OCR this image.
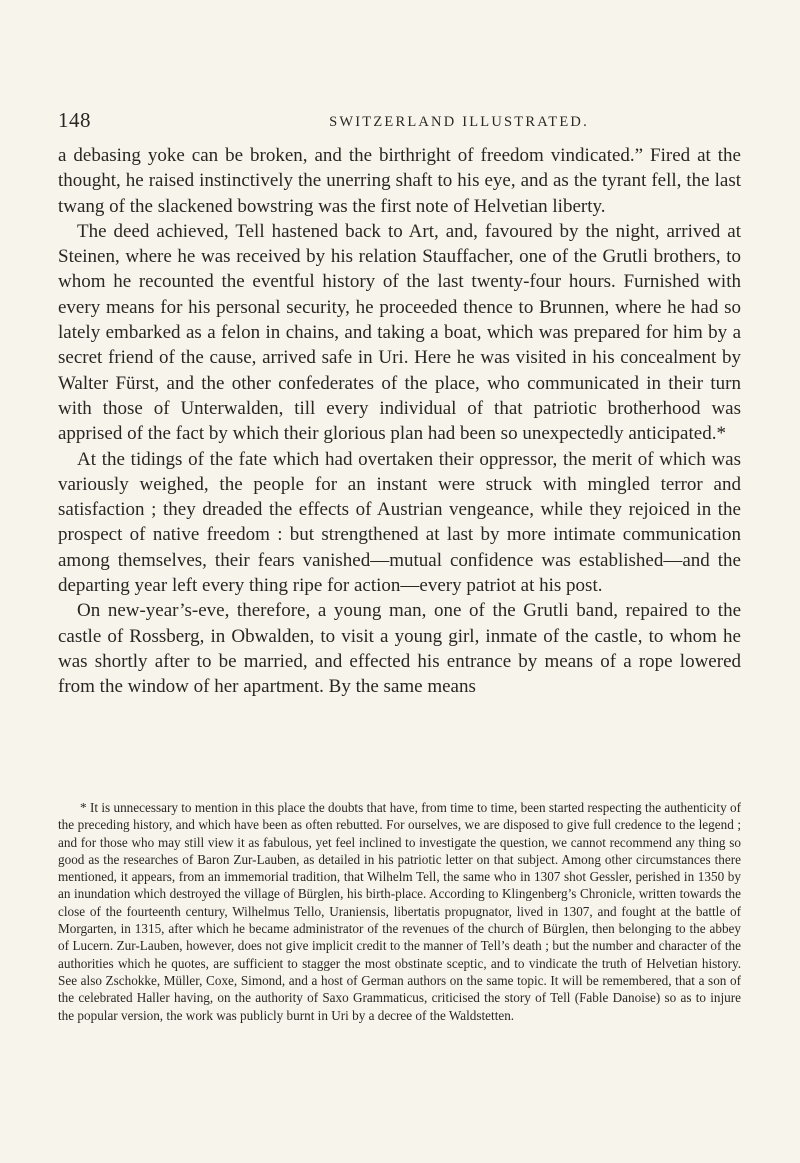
148	SWITZERLAND ILLUSTRATED.

a debasing yoke can be broken, and the birthright of freedom vindicated.” Fired at the thought, he raised instinctively the unerring shaft to his eye, and as the tyrant fell, the last twang of the slackened bowstring was the first note of Helvetian liberty.

The deed achieved, Tell hastened back to Art, and, favoured by the night, arrived at Steinen, where he was received by his relation Stauffacher, one of the Grutli brothers, to whom he recounted the eventful history of the last twenty-four hours. Furnished with every means for his personal security, he proceeded thence to Brunnen, where he had so lately embarked as a felon in chains, and taking a boat, which was prepared for him by a secret friend of the cause, arrived safe in Uri. Here he was visited in his concealment by Walter Fürst, and the other confederates of the place, who communicated in their turn with those of Unterwalden, till every individual of that patriotic brotherhood was apprised of the fact by which their glorious plan had been so unexpectedly anticipated.*

At the tidings of the fate which had overtaken their oppressor, the merit of which was variously weighed, the people for an instant were struck with mingled terror and satisfaction ; they dreaded the effects of Austrian vengeance, while they rejoiced in the prospect of native freedom : but strengthened at last by more intimate communication among themselves, their fears vanished—mutual confidence was established—and the departing year left every thing ripe for action—every patriot at his post.

On new-year’s-eve, therefore, a young man, one of the Grutli band, repaired to the castle of Rossberg, in Obwalden, to visit a young girl, inmate of the castle, to whom he was shortly after to be married, and effected his entrance by means of a rope lowered from the window of her apartment. By the same means

* It is unnecessary to mention in this place the doubts that have, from time to time, been started respecting the authenticity of the preceding history, and which have been as often rebutted. For ourselves, we are disposed to give full credence to the legend ; and for those who may still view it as fabulous, yet feel inclined to investigate the question, we cannot recommend any thing so good as the researches of Baron Zur-Lauben, as detailed in his patriotic letter on that subject. Among other circumstances there mentioned, it appears, from an immemorial tradition, that Wilhelm Tell, the same who in 1307 shot Gessler, perished in 1350 by an inundation which destroyed the village of Bürglen, his birth-place. According to Klingenberg’s Chronicle, written towards the close of the fourteenth century, Wilhelmus Tello, Uraniensis, libertatis propugnator, lived in 1307, and fought at the battle of Morgarten, in 1315, after which he became administrator of the revenues of the church of Bürglen, then belonging to the abbey of Lucern. Zur-Lauben, however, does not give implicit credit to the manner of Tell’s death ; but the number and character of the authorities which he quotes, are sufficient to stagger the most obstinate sceptic, and to vindicate the truth of Helvetian history. See also Zschokke, Müller, Coxe, Simond, and a host of German authors on the same topic. It will be remembered, that a son of the celebrated Haller having, on the authority of Saxo Grammaticus, criticised the story of Tell (Fable Danoise) so as to injure the popular version, the work was publicly burnt in Uri by a decree of the Waldstetten.
